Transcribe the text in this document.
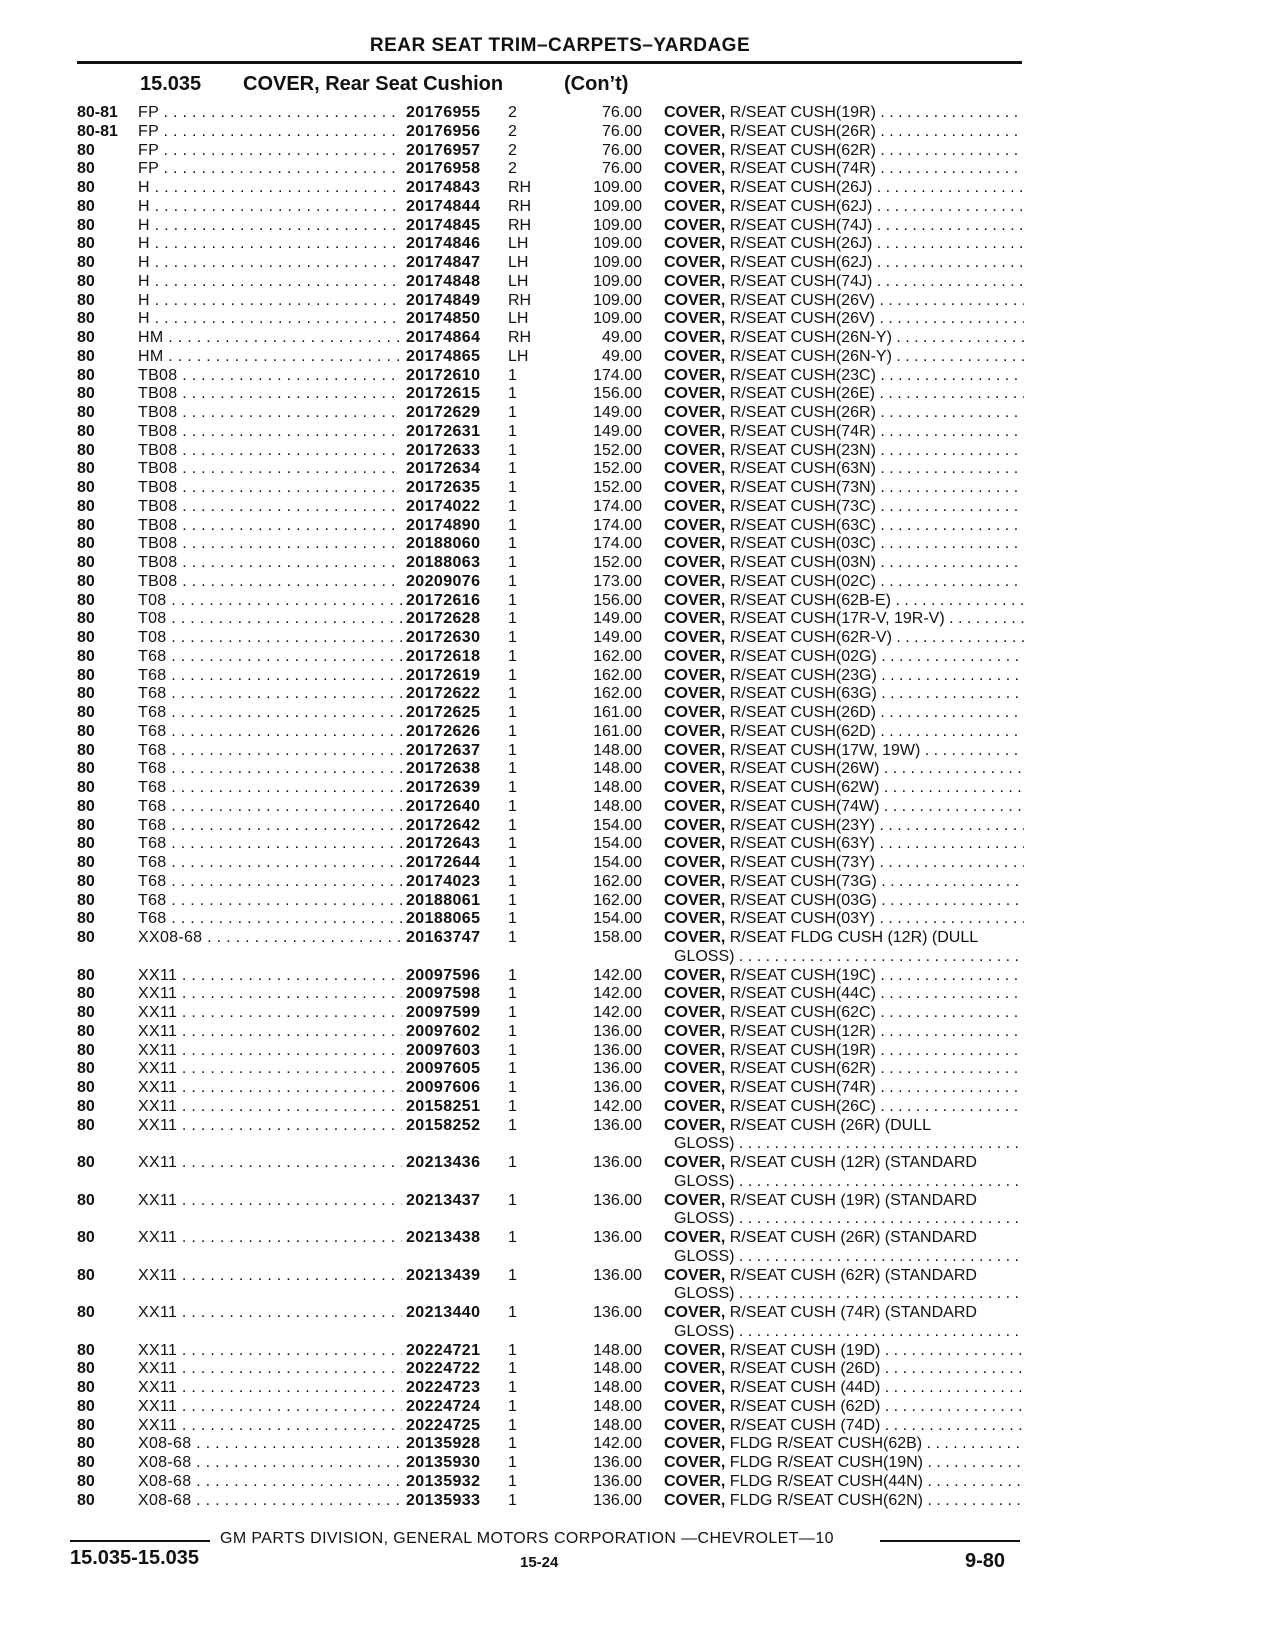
REAR SEAT TRIM–CARPETS–YARDAGE
15.035 COVER, Rear Seat Cushion	(Con’t)
80-81 FP . . .	20176955	2	76.00 COVER, R/SEAT CUSH(19R) . . .
80-81 FP . . .	20176956	2	76.00 COVER, R/SEAT CUSH(26R) . . .
80	FP . . .	20176957	2	76.00 COVER, R/SEAT CUSH(62R) . . .
80	FP . . .	20176958	2	76.00 COVER, R/SEAT CUSH(74R) . . .
80	H . . .	20174843	RH	109.00 COVER, R/SEAT CUSH(26J) . . .
80	H . . .	20174844	RH	109.00 COVER, R/SEAT CUSH(62J) . . .
80	H . . .	20174845	RH	109.00 COVER, R/SEAT CUSH(74J) . . .
80	H . . .	20174846	LH	109.00 COVER, R/SEAT CUSH(26J) . . .
80	H . . .	20174847	LH	109.00 COVER, R/SEAT CUSH(62J) . . .
80	H . . .	20174848	LH	109.00 COVER, R/SEAT CUSH(74J) . . .
80	H . . .	20174849	RH	109.00 COVER, R/SEAT CUSH(26V) . . .
80	H . . .	20174850	LH	109.00 COVER, R/SEAT CUSH(26V) . . .
80	HM . . .	20174864	RH	49.00 COVER, R/SEAT CUSH(26N-Y) . . .
80	HM . . .	20174865	LH	49.00 COVER, R/SEAT CUSH(26N-Y) . . .
80	TB08 . . .	20172610	1	174.00 COVER, R/SEAT CUSH(23C) . . .
80	TB08 . . .	20172615	1	156.00 COVER, R/SEAT CUSH(26E) . . .
80	TB08 . . .	20172629	1	149.00 COVER, R/SEAT CUSH(26R) . . .
80	TB08 . . .	20172631	1	149.00 COVER, R/SEAT CUSH(74R) . . .
80	TB08 . . .	20172633	1	152.00 COVER, R/SEAT CUSH(23N) . . .
80	TB08 . . .	20172634	1	152.00 COVER, R/SEAT CUSH(63N) . . .
80	TB08 . . .	20172635	1	152.00 COVER, R/SEAT CUSH(73N) . . .
80	TB08 . . .	20174022	1	174.00 COVER, R/SEAT CUSH(73C) . . .
80	TB08 . . .	20174890	1	174.00 COVER, R/SEAT CUSH(63C) . . .
80	TB08 . . .	20188060	1	174.00 COVER, R/SEAT CUSH(03C) . . .
80	TB08 . . .	20188063	1	152.00 COVER, R/SEAT CUSH(03N) . . .
80	TB08 . . .	20209076	1	173.00 COVER, R/SEAT CUSH(02C) . . .
80	T08 . . .	20172616	1	156.00 COVER, R/SEAT CUSH(62B-E) . . .
80	T08 . . .	20172628	1	149.00 COVER, R/SEAT CUSH(17R-V, 19R-V) . . .
80	T08 . . .	20172630	1	149.00 COVER, R/SEAT CUSH(62R-V) . . .
80	T68 . . .	20172618	1	162.00 COVER, R/SEAT CUSH(02G) . . .
80	T68 . . .	20172619	1	162.00 COVER, R/SEAT CUSH(23G) . . .
80	T68 . . .	20172622	1	162.00 COVER, R/SEAT CUSH(63G) . . .
80	T68 . . .	20172625	1	161.00 COVER, R/SEAT CUSH(26D) . . .
80	T68 . . .	20172626	1	161.00 COVER, R/SEAT CUSH(62D) . . .
80	T68 . . .	20172637	1	148.00 COVER, R/SEAT CUSH(17W, 19W) . . .
80	T68 . . .	20172638	1	148.00 COVER, R/SEAT CUSH(26W) . . .
80	T68 . . .	20172639	1	148.00 COVER, R/SEAT CUSH(62W) . . .
80	T68 . . .	20172640	1	148.00 COVER, R/SEAT CUSH(74W) . . .
80	T68 . . .	20172642	1	154.00 COVER, R/SEAT CUSH(23Y) . . .
80	T68 . . .	20172643	1	154.00 COVER, R/SEAT CUSH(63Y) . . .
80	T68 . . .	20172644	1	154.00 COVER, R/SEAT CUSH(73Y) . . .
80	T68 . . .	20174023	1	162.00 COVER, R/SEAT CUSH(73G) . . .
80	T68 . . .	20188061	1	162.00 COVER, R/SEAT CUSH(03G) . . .
80	T68 . . .	20188065	1	154.00 COVER, R/SEAT CUSH(03Y) . . .
80	XX08-68 . . .	20163747	1	158.00 COVER, R/SEAT FLDG CUSH (12R) (DULL
GLOSS) . . .
80	XX11 . . .	20097596	1	142.00 COVER, R/SEAT CUSH(19C) . . .
80	XX11 . . .	20097598	1	142.00 COVER, R/SEAT CUSH(44C) . . .
80	XX11 . . .	20097599	1	142.00 COVER, R/SEAT CUSH(62C) . . .
80	XX11 . . .	20097602	1	136.00 COVER, R/SEAT CUSH(12R) . . .
80	XX11 . . .	20097603	1	136.00 COVER, R/SEAT CUSH(19R) . . .
80	XX11 . . .	20097605	1	136.00 COVER, R/SEAT CUSH(62R) . . .
80	XX11 . . .	20097606	1	136.00 COVER, R/SEAT CUSH(74R) . . .
80	XX11 . . .	20158251	1	142.00 COVER, R/SEAT CUSH(26C) . . .
80	XX11 . . .	20158252	1	136.00 COVER, R/SEAT CUSH (26R) (DULL
GLOSS) . . .
80	XX11 . . .	20213436	1	136.00 COVER, R/SEAT CUSH (12R) (STANDARD
GLOSS) . . .
80	XX11 . . .	20213437	1	136.00 COVER, R/SEAT CUSH (19R) (STANDARD
GLOSS) . . .
80	XX11 . . .	20213438	1	136.00 COVER, R/SEAT CUSH (26R) (STANDARD
GLOSS) . . .
80	XX11 . . .	20213439	1	136.00 COVER, R/SEAT CUSH (62R) (STANDARD
GLOSS) . . .
80	XX11 . . .	20213440	1	136.00 COVER, R/SEAT CUSH (74R) (STANDARD
GLOSS) . . .
80	XX11 . . .	20224721	1	148.00 COVER, R/SEAT CUSH (19D) . . .
80	XX11 . . .	20224722	1	148.00 COVER, R/SEAT CUSH (26D) . . .
80	XX11 . . .	20224723	1	148.00 COVER, R/SEAT CUSH (44D) . . .
80	XX11 . . .	20224724	1	148.00 COVER, R/SEAT CUSH (62D) . . .
80	XX11 . . .	20224725	1	148.00 COVER, R/SEAT CUSH (74D) . . .
80	X08-68 . . .	20135928	1	142.00 COVER, FLDG R/SEAT CUSH(62B) . . .
80	X08-68 . . .	20135930	1	136.00 COVER, FLDG R/SEAT CUSH(19N) . . .
80	X08-68 . . .	20135932	1	136.00 COVER, FLDG R/SEAT CUSH(44N) . . .
80	X08-68 . . .	20135933	1	136.00 COVER, FLDG R/SEAT CUSH(62N) . . .
GM PARTS DIVISION, GENERAL MOTORS CORPORATION —CHEVROLET—10
15.035-15.035	15-24	9-80
